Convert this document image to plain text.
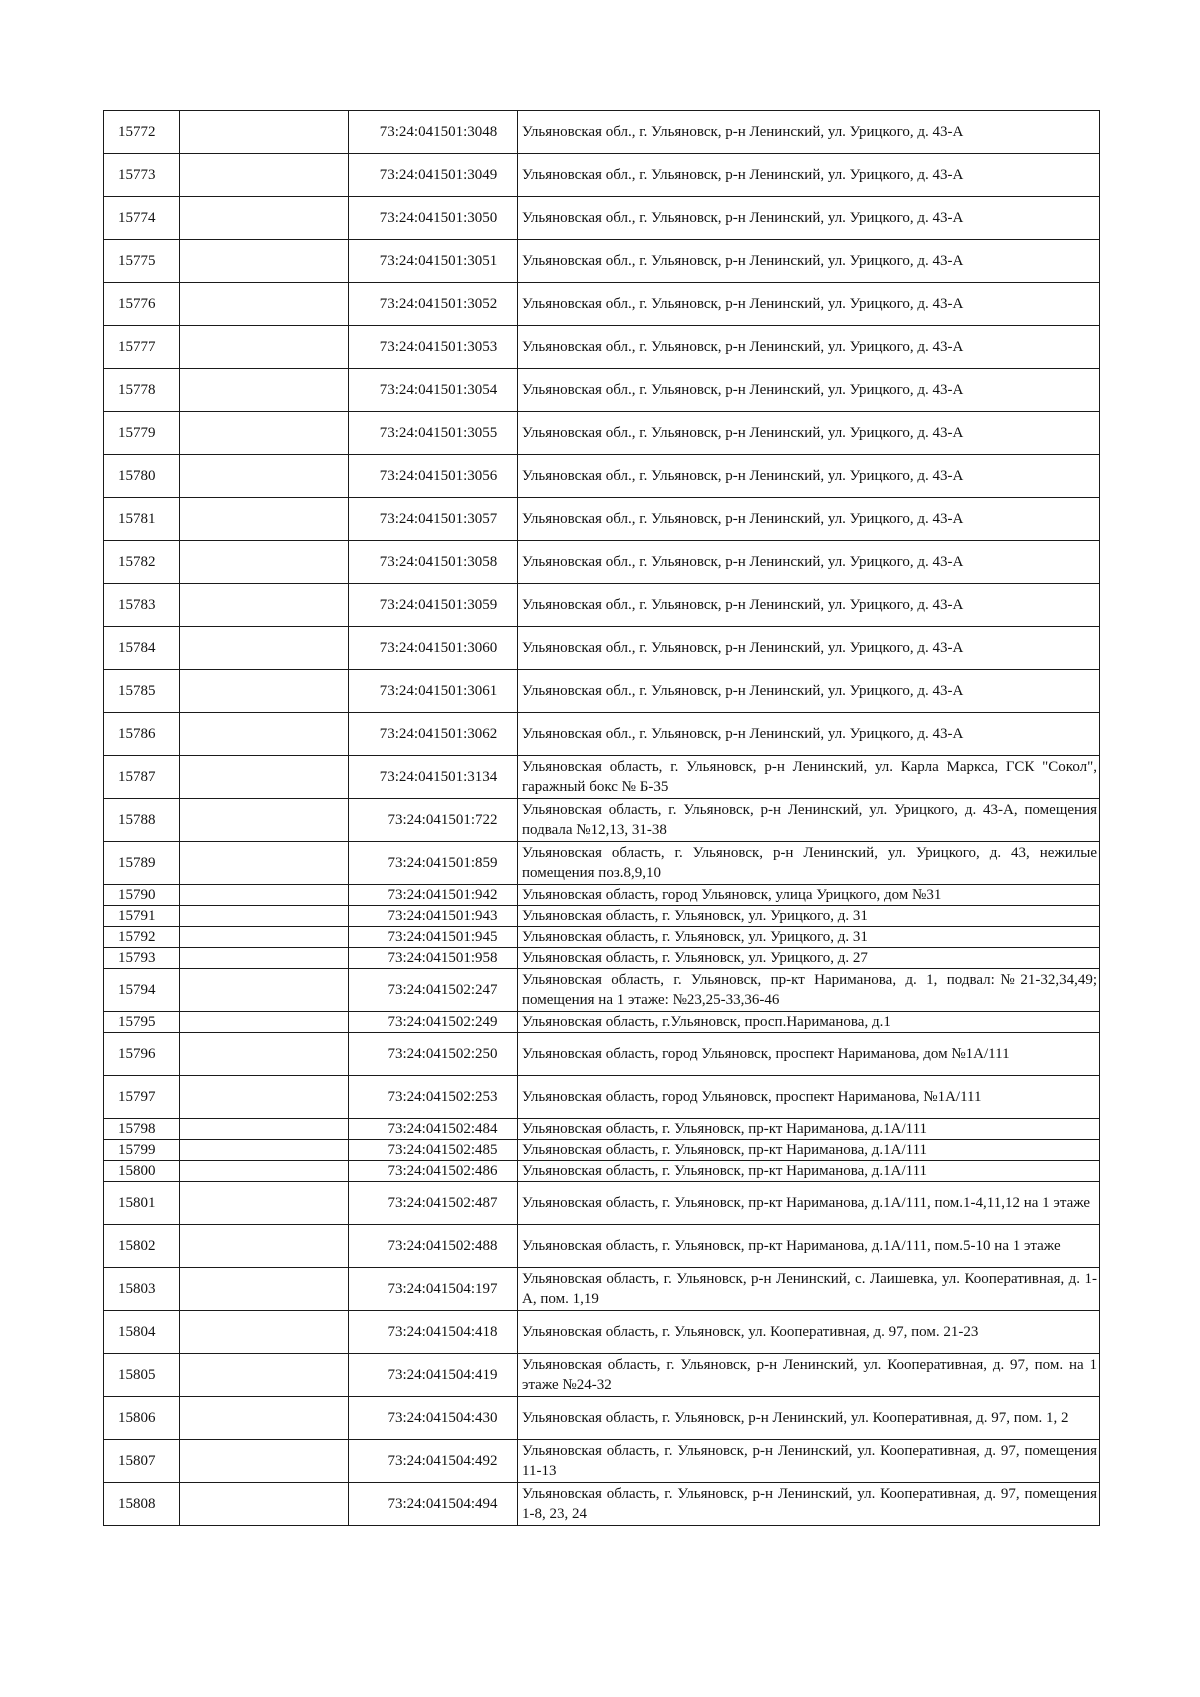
15772		73:24:041501:3048	Ульяновская обл., г. Ульяновск, р-н Ленинский, ул. Урицкого, д. 43-А
15773		73:24:041501:3049	Ульяновская обл., г. Ульяновск, р-н Ленинский, ул. Урицкого, д. 43-А
15774		73:24:041501:3050	Ульяновская обл., г. Ульяновск, р-н Ленинский, ул. Урицкого, д. 43-А
15775		73:24:041501:3051	Ульяновская обл., г. Ульяновск, р-н Ленинский, ул. Урицкого, д. 43-А
15776		73:24:041501:3052	Ульяновская обл., г. Ульяновск, р-н Ленинский, ул. Урицкого, д. 43-А
15777		73:24:041501:3053	Ульяновская обл., г. Ульяновск, р-н Ленинский, ул. Урицкого, д. 43-А
15778		73:24:041501:3054	Ульяновская обл., г. Ульяновск, р-н Ленинский, ул. Урицкого, д. 43-А
15779		73:24:041501:3055	Ульяновская обл., г. Ульяновск, р-н Ленинский, ул. Урицкого, д. 43-А
15780		73:24:041501:3056	Ульяновская обл., г. Ульяновск, р-н Ленинский, ул. Урицкого, д. 43-А
15781		73:24:041501:3057	Ульяновская обл., г. Ульяновск, р-н Ленинский, ул. Урицкого, д. 43-А
15782		73:24:041501:3058	Ульяновская обл., г. Ульяновск, р-н Ленинский, ул. Урицкого, д. 43-А
15783		73:24:041501:3059	Ульяновская обл., г. Ульяновск, р-н Ленинский, ул. Урицкого, д. 43-А
15784		73:24:041501:3060	Ульяновская обл., г. Ульяновск, р-н Ленинский, ул. Урицкого, д. 43-А
15785		73:24:041501:3061	Ульяновская обл., г. Ульяновск, р-н Ленинский, ул. Урицкого, д. 43-А
15786		73:24:041501:3062	Ульяновская обл., г. Ульяновск, р-н Ленинский, ул. Урицкого, д. 43-А
15787		73:24:041501:3134	Ульяновская область, г. Ульяновск, р-н Ленинский, ул. Карла Маркса, ГСК "Сокол", гаражный бокс № Б-35
15788		73:24:041501:722	Ульяновская область, г. Ульяновск, р-н Ленинский, ул. Урицкого, д. 43-А, помещения подвала №12,13, 31-38
15789		73:24:041501:859	Ульяновская область, г. Ульяновск, р-н Ленинский, ул. Урицкого, д. 43, нежилые помещения поз.8,9,10
15790		73:24:041501:942	Ульяновская область, город Ульяновск, улица Урицкого, дом №31
15791		73:24:041501:943	Ульяновская область, г. Ульяновск, ул. Урицкого, д. 31
15792		73:24:041501:945	Ульяновская область, г. Ульяновск, ул. Урицкого, д. 31
15793		73:24:041501:958	Ульяновская область, г. Ульяновск, ул. Урицкого, д. 27
15794		73:24:041502:247	Ульяновская область, г. Ульяновск, пр-кт Нариманова, д. 1, подвал:№21-32,34,49; помещения на 1 этаже: №23,25-33,36-46
15795		73:24:041502:249	Ульяновская область, г.Ульяновск, просп.Нариманова, д.1
15796		73:24:041502:250	Ульяновская область, город Ульяновск, проспект Нариманова, дом №1А/111
15797		73:24:041502:253	Ульяновская область, город Ульяновск, проспект Нариманова, №1А/111
15798		73:24:041502:484	Ульяновская область, г. Ульяновск, пр-кт Нариманова, д.1А/111
15799		73:24:041502:485	Ульяновская область, г. Ульяновск, пр-кт Нариманова, д.1А/111
15800		73:24:041502:486	Ульяновская область, г. Ульяновск, пр-кт Нариманова, д.1А/111
15801		73:24:041502:487	Ульяновская область, г. Ульяновск, пр-кт Нариманова, д.1А/111, пом.1-4,11,12 на 1 этаже
15802		73:24:041502:488	Ульяновская область, г. Ульяновск, пр-кт Нариманова, д.1А/111, пом.5-10 на 1 этаже
15803		73:24:041504:197	Ульяновская область, г. Ульяновск, р-н Ленинский, с. Лаишевка, ул. Кооперативная, д. 1-А, пом. 1,19
15804		73:24:041504:418	Ульяновская область, г. Ульяновск, ул. Кооперативная, д. 97, пом. 21-23
15805		73:24:041504:419	Ульяновская область, г. Ульяновск, р-н Ленинский, ул. Кооперативная, д. 97, пом. на 1 этаже №24-32
15806		73:24:041504:430	Ульяновская область, г. Ульяновск, р-н Ленинский, ул. Кооперативная, д. 97, пом. 1, 2
15807		73:24:041504:492	Ульяновская область, г. Ульяновск, р-н Ленинский, ул. Кооперативная, д. 97, помещения 11-13
15808		73:24:041504:494	Ульяновская область, г. Ульяновск, р-н Ленинский, ул. Кооперативная, д. 97, помещения 1-8, 23, 24
